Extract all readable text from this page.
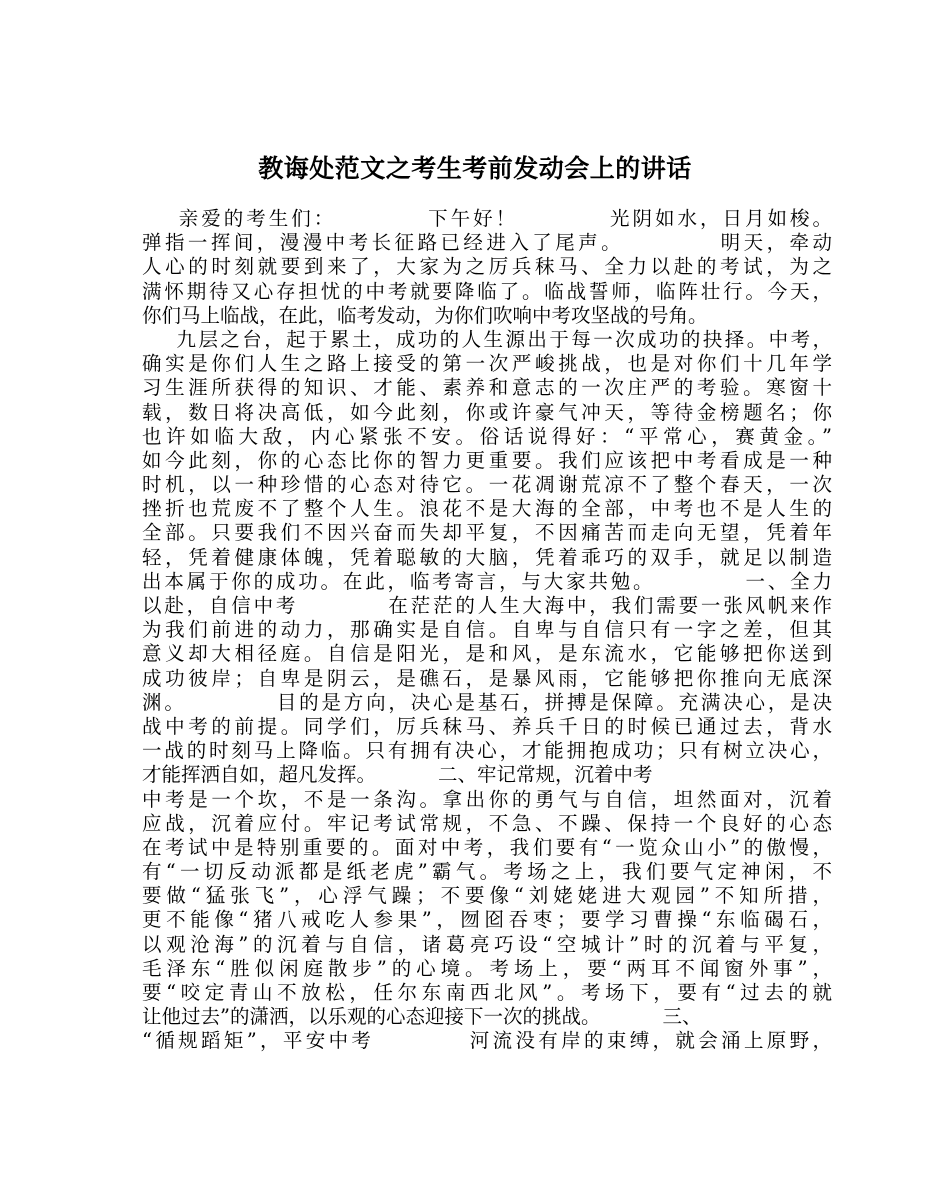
教诲处范文之考生考前发动会上的讲话
亲爱的考生们：          下午好！          光阴如水，日月如梭。
弹指一挥间，漫漫中考长征路已经进入了尾声。          明天，牵动
人心的时刻就要到来了，大家为之厉兵秣马、全力以赴的考试，为之
满怀期待又心存担忧的中考就要降临了。临战誓师，临阵壮行。今天，
你们马上临战，在此，临考发动，为你们吹响中考攻坚战的号角。
九层之台，起于累土，成功的人生源出于每一次成功的抉择。中考，
确实是你们人生之路上接受的第一次严峻挑战，也是对你们十几年学
习生涯所获得的知识、才能、素养和意志的一次庄严的考验。寒窗十
载，数日将决高低，如今此刻，你或许豪气冲天，等待金榜题名；你
也许如临大敌，内心紧张不安。俗话说得好：“平常心，赛黄金。”
如今此刻，你的心态比你的智力更重要。我们应该把中考看成是一种
时机，以一种珍惜的心态对待它。一花凋谢荒凉不了整个春天，一次
挫折也荒废不了整个人生。浪花不是大海的全部，中考也不是人生的
全部。只要我们不因兴奋而失却平复，不因痛苦而走向无望，凭着年
轻，凭着健康体魄，凭着聪敏的大脑，凭着乖巧的双手，就足以制造
出本属于你的成功。在此，临考寄言，与大家共勉。          一、全力
以赴，自信中考          在茫茫的人生大海中，我们需要一张风帆来作
为我们前进的动力，那确实是自信。自卑与自信只有一字之差，但其
意义却大相径庭。自信是阳光，是和风，是东流水，它能够把你送到
成功彼岸；自卑是阴云，是礁石，是暴风雨，它能够把你推向无底深
渊。          目的是方向，决心是基石，拼搏是保障。充满决心，是决
战中考的前提。同学们，厉兵秣马、养兵千日的时候已通过去，背水
一战的时刻马上降临。只有拥有决心，才能拥抱成功；只有树立决心，
才能挥洒自如，超凡发挥。          二、牢记常规，沉着中考
中考是一个坎，不是一条沟。拿出你的勇气与自信，坦然面对，沉着
应战，沉着应付。牢记考试常规，不急、不躁、保持一个良好的心态
在考试中是特别重要的。面对中考，我们要有“一览众山小”的傲慢，
有“一切反动派都是纸老虎”霸气。考场之上，我们要气定神闲，不
要做“猛张飞”，心浮气躁；不要像“刘姥姥进大观园”不知所措，
更不能像“猪八戒吃人参果”，囫囵吞枣；要学习曹操“东临碣石，
以观沧海”的沉着与自信，诸葛亮巧设“空城计”时的沉着与平复，
毛泽东“胜似闲庭散步”的心境。考场上，要“两耳不闻窗外事”，
要“咬定青山不放松，任尔东南西北风”。考场下，要有“过去的就
让他过去”的潇洒，以乐观的心态迎接下一次的挑战。          三、
“循规蹈矩”，平安中考          河流没有岸的束缚，就会涌上原野，
